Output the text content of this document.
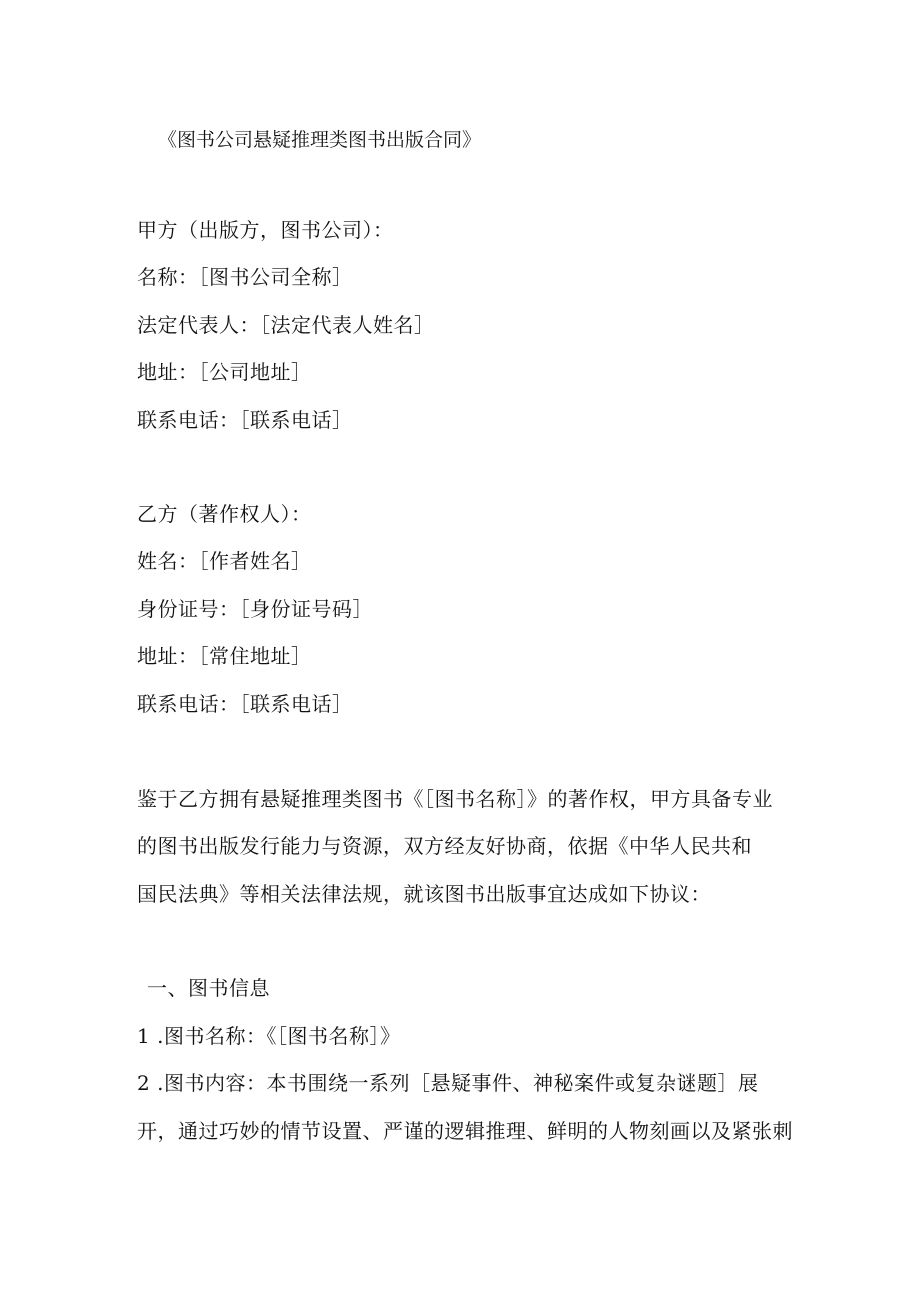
《图书公司悬疑推理类图书出版合同》
甲方（出版方，图书公司）：
名称：［图书公司全称］
法定代表人：［法定代表人姓名］
地址：［公司地址］
联系电话：［联系电话］
乙方（著作权人）：
姓名：［作者姓名］
身份证号：［身份证号码］
地址：［常住地址］
联系电话：［联系电话］
鉴于乙方拥有悬疑推理类图书《［图书名称］》的著作权，甲方具备专业
的图书出版发行能力与资源，双方经友好协商，依据《中华人民共和
国民法典》等相关法律法规，就该图书出版事宜达成如下协议：
一、图书信息
1 .图书名称：《［图书名称］》
2 .图书内容：本书围绕一系列［悬疑事件、神秘案件或复杂谜题］展
开，通过巧妙的情节设置、严谨的逻辑推理、鲜明的人物刻画以及紧张刺
